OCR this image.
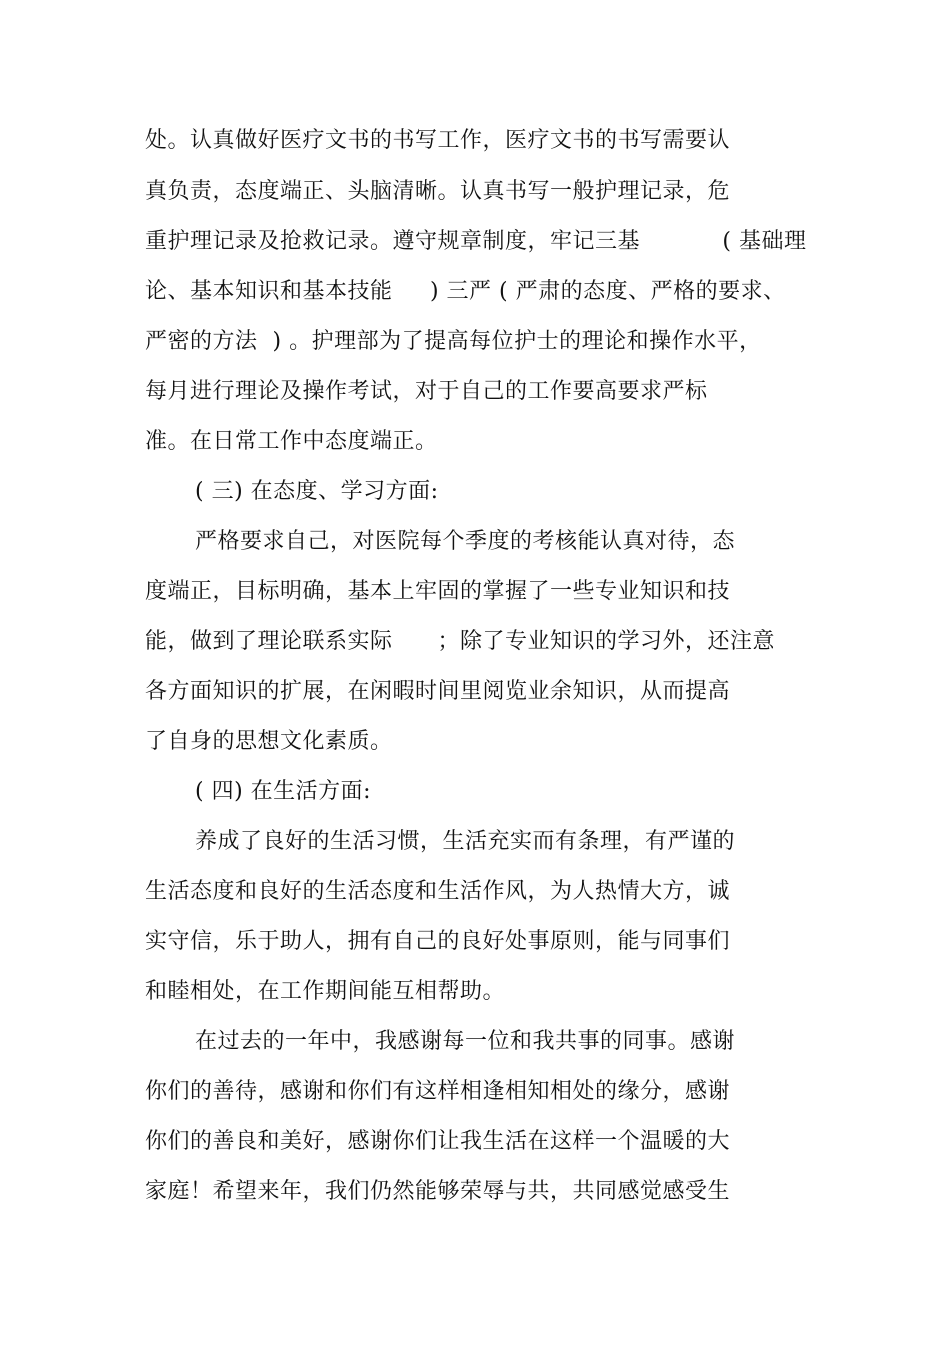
处。认真做好医疗文书的书写工作，医疗文书的书写需要认
真负责，态度端正、头脑清晰。认真书写一般护理记录，危
重护理记录及抢救记录。遵守规章制度，牢记三基           ( 基础理
论、基本知识和基本技能     ) 三严 ( 严肃的态度、严格的要求、
严密的方法  ) 。护理部为了提高每位护士的理论和操作水平，
每月进行理论及操作考试，对于自己的工作要高要求严标
准。在日常工作中态度端正。
( 三) 在态度、学习方面:
严格要求自己，对医院每个季度的考核能认真对待，态
度端正，目标明确，基本上牢固的掌握了一些专业知识和技
能，做到了理论联系实际      ；除了专业知识的学习外，还注意
各方面知识的扩展，在闲暇时间里阅览业余知识，从而提高
了自身的思想文化素质。
( 四) 在生活方面:
养成了良好的生活习惯，生活充实而有条理，有严谨的
生活态度和良好的生活态度和生活作风，为人热情大方，诚
实守信，乐于助人，拥有自己的良好处事原则，能与同事们
和睦相处，在工作期间能互相帮助。
在过去的一年中，我感谢每一位和我共事的同事。感谢
你们的善待，感谢和你们有这样相逢相知相处的缘分，感谢
你们的善良和美好，感谢你们让我生活在这样一个温暖的大
家庭！希望来年，我们仍然能够荣辱与共，共同感觉感受生
